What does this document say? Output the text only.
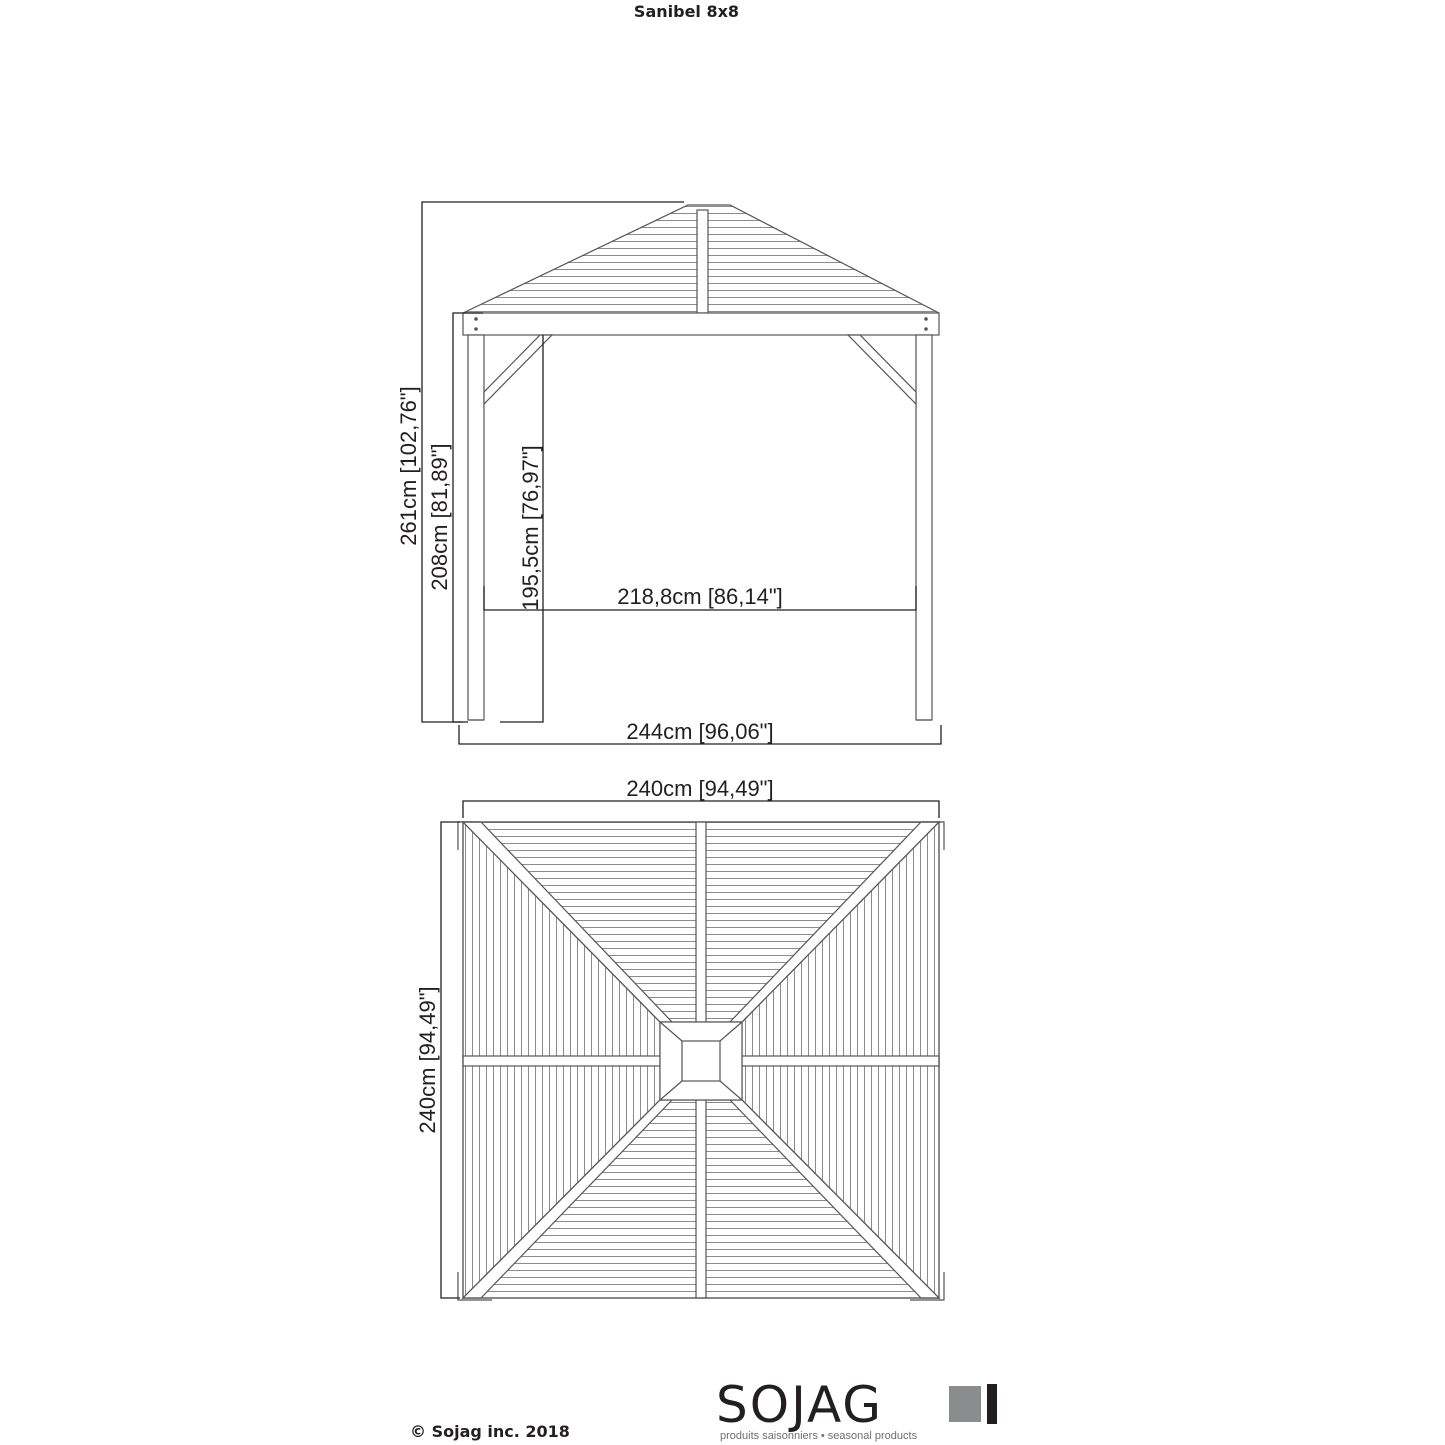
Sanibel 8x8
261cm [102,76"] 208cm [81,89"]	195,5cm [76,97"]	218,8cm [86,14"]
244cm [96,06"]
240cm [94,49"]
240cm [94,49"]
SOJAG
produits saisonniers • seasonal products
© Sojag inc. 2018
